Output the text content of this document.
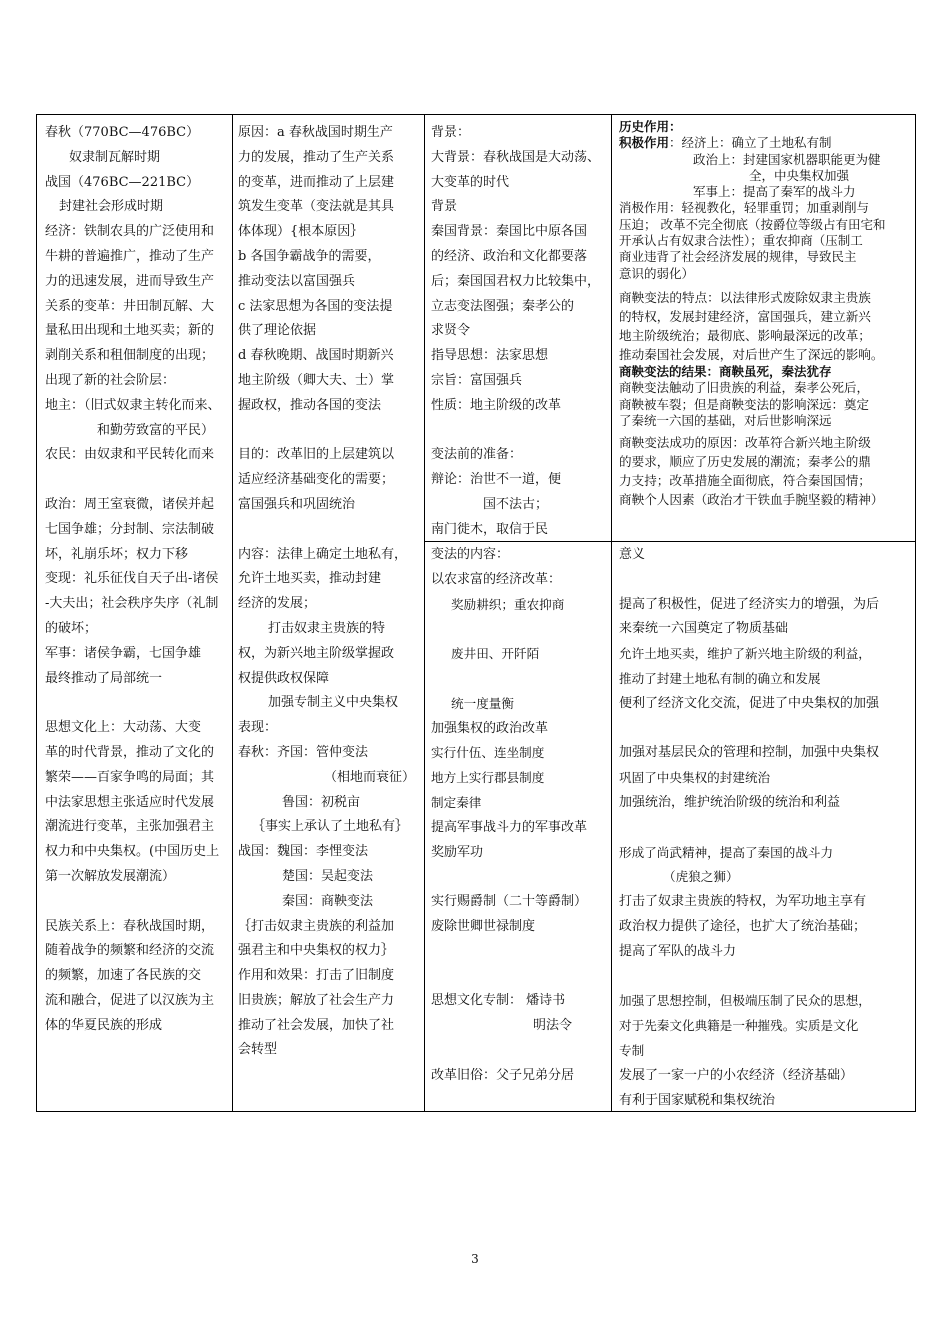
春秋（770BC—476BC）
奴隶制瓦解时期
战国（476BC—221BC）
封建社会形成时期
经济：铁制农具的广泛使用和
牛耕的普遍推广，推动了生产
力的迅速发展，进而导致生产
关系的变革：井田制瓦解、大
量私田出现和土地买卖；新的
剥削关系和租佃制度的出现；
出现了新的社会阶层：
地主：（旧式奴隶主转化而来、
和勤劳致富的平民）
农民：由奴隶和平民转化而来
政治：周王室衰微，诸侯并起
七国争雄；分封制、宗法制破
坏，礼崩乐坏；权力下移
变现：礼乐征伐自天子出-诸侯
-大夫出；社会秩序失序（礼制
的破坏；
军事：诸侯争霸，七国争雄
最终推动了局部统一
思想文化上：大动荡、大变
革的时代背景，推动了文化的
繁荣——百家争鸣的局面；其
中法家思想主张适应时代发展
潮流进行变革，主张加强君主
权力和中央集权。(中国历史上
第一次解放发展潮流）
民族关系上：春秋战国时期，
随着战争的频繁和经济的交流
的频繁，加速了各民族的交
流和融合，促进了以汉族为主
体的华夏民族的形成
原因：a 春秋战国时期生产
力的发展，推动了生产关系
的变革，进而推动了上层建
筑发生变革（变法就是其具
体体现）{根本原因｝
b 各国争霸战争的需要，
推动变法以富国强兵
c 法家思想为各国的变法提
供了理论依据
d 春秋晚期、战国时期新兴
地主阶级（卿大夫、士）掌
握政权，推动各国的变法
目的：改革旧的上层建筑以
适应经济基础变化的需要；
富国强兵和巩固统治
内容：法律上确定土地私有，
允许土地买卖，推动封建
经济的发展；
打击奴隶主贵族的特
权，为新兴地主阶级掌握政
权提供政权保障
加强专制主义中央集权
表现：
春秋：齐国：管仲变法
（相地而衰征）
鲁国：初税亩
｛事实上承认了土地私有｝
战国：魏国：李悝变法
楚国：吴起变法
秦国：商鞅变法
｛打击奴隶主贵族的利益加
强君主和中央集权的权力｝
作用和效果：打击了旧制度
旧贵族；解放了社会生产力
推动了社会发展，加快了社
会转型
背景：
大背景：春秋战国是大动荡、
大变革的时代
背景
秦国背景：秦国比中原各国
的经济、政治和文化都要落
后；秦国国君权力比较集中，
立志变法图强；秦孝公的
求贤令
指导思想：法家思想
宗旨：富国强兵
性质：地主阶级的改革
变法前的准备：
辩论：治世不一道，便
国不法古；
南门徙木，取信于民
变法的内容：
以农求富的经济改革：
奖励耕织；重农抑商
废井田、开阡陌
统一度量衡
加强集权的政治改革
实行什伍、连坐制度
地方上实行郡县制度
制定秦律
提高军事战斗力的军事改革
奖励军功
实行赐爵制（二十等爵制）
废除世卿世禄制度
思想文化专制： 燔诗书
明法令
改革旧俗：父子兄弟分居
历史作用：
积极作用：经济上：确立了土地私有制
政治上：封建国家机器职能更为健
全，中央集权加强
军事上：提高了秦军的战斗力
消极作用：轻视教化，轻罪重罚；加重剥削与
压迫； 改革不完全彻底（按爵位等级占有田宅和
开承认占有奴隶合法性）；重农抑商（压制工
商业违背了社会经济发展的规律，导致民主
意识的弱化）
商鞅变法的特点：以法律形式废除奴隶主贵族
的特权，发展封建经济，富国强兵，建立新兴
地主阶级统治；最彻底、影响最深远的改革；
推动秦国社会发展，对后世产生了深远的影响。
商鞅变法的结果：商鞅虽死，秦法犹存
商鞅变法触动了旧贵族的利益，秦孝公死后，
商鞅被车裂；但是商鞅变法的影响深远：奠定
了秦统一六国的基础，对后世影响深远
商鞅变法成功的原因：改革符合新兴地主阶级
的要求，顺应了历史发展的潮流；秦孝公的鼎
力支持；改革措施全面彻底，符合秦国国情；
商鞅个人因素（政治才干铁血手腕坚毅的精神）
意义
提高了积极性，促进了经济实力的增强，为后
来秦统一六国奠定了物质基础
允许土地买卖，维护了新兴地主阶级的利益，
推动了封建土地私有制的确立和发展
便利了经济文化交流，促进了中央集权的加强
加强对基层民众的管理和控制，加强中央集权
巩固了中央集权的封建统治
加强统治，维护统治阶级的统治和利益
形成了尚武精神，提高了秦国的战斗力
（虎狼之狮）
打击了奴隶主贵族的特权，为军功地主享有
政治权力提供了途径，也扩大了统治基础；
提高了军队的战斗力
加强了思想控制，但极端压制了民众的思想，
对于先秦文化典籍是一种摧残。实质是文化
专制
发展了一家一户的小农经济（经济基础）
有利于国家赋税和集权统治
3
